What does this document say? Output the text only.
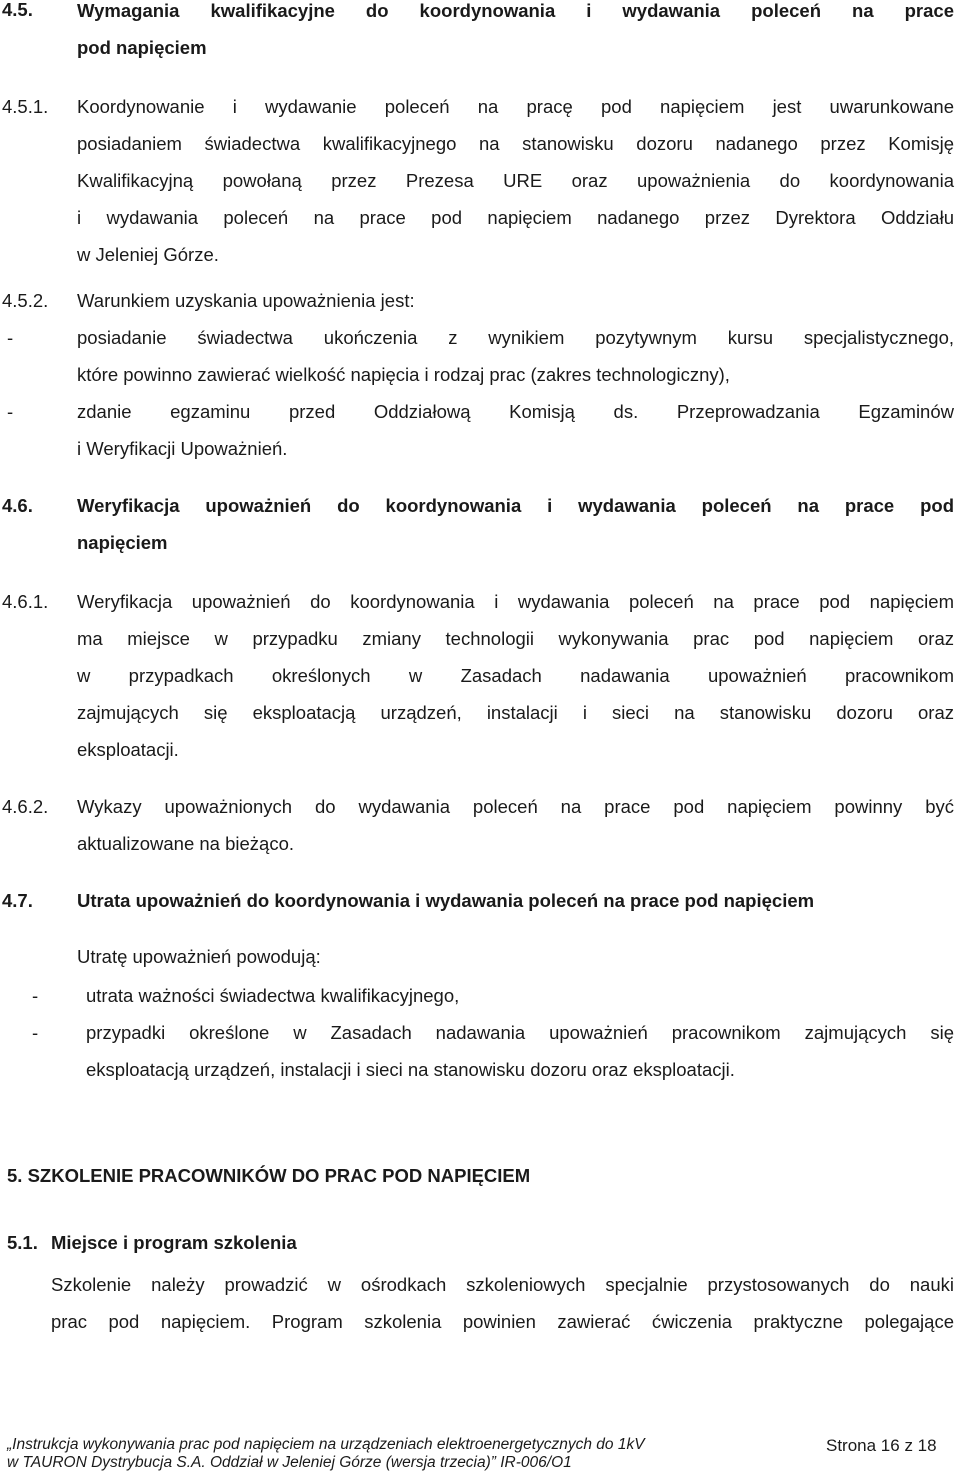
4.5. Wymagania kwalifikacyjne do koordynowania i wydawania poleceń na prace
pod napięciem
4.5.1. Koordynowanie i wydawanie poleceń na pracę pod napięciem jest uwarunkowane
posiadaniem świadectwa kwalifikacyjnego na stanowisku dozoru nadanego przez Komisję
Kwalifikacyjną powołaną przez Prezesa URE oraz upoważnienia do koordynowania
i wydawania poleceń na prace pod napięciem nadanego przez Dyrektora Oddziału
w Jeleniej Górze.
4.5.2. Warunkiem uzyskania upoważnienia jest:
-	posiadanie świadectwa ukończenia z wynikiem pozytywnym kursu specjalistycznego,
które powinno zawierać wielkość napięcia i rodzaj prac (zakres technologiczny),
-	zdanie egzaminu przed Oddziałową Komisją ds. Przeprowadzania Egzaminów
i Weryfikacji Upoważnień.
4.6. Weryfikacja upoważnień do koordynowania i wydawania poleceń na prace pod
napięciem
4.6.1. Weryfikacja upoważnień do koordynowania i wydawania poleceń na prace pod napięciem
ma miejsce w przypadku zmiany technologii wykonywania prac pod napięciem oraz
w przypadkach określonych w Zasadach nadawania upoważnień pracownikom
zajmujących się eksploatacją urządzeń, instalacji i sieci na stanowisku dozoru oraz
eksploatacji.
4.6.2. Wykazy upoważnionych do wydawania poleceń na prace pod napięciem powinny być
aktualizowane na bieżąco.
4.7. Utrata upoważnień do koordynowania i wydawania poleceń na prace pod napięciem
Utratę upoważnień powodują:
-	utrata ważności świadectwa kwalifikacyjnego,
-	przypadki określone w Zasadach nadawania upoważnień pracownikom zajmujących się
eksploatacją urządzeń, instalacji i sieci na stanowisku dozoru oraz eksploatacji.
5. SZKOLENIE PRACOWNIKÓW DO PRAC POD NAPIĘCIEM
5.1. Miejsce i program szkolenia
Szkolenie należy prowadzić w ośrodkach szkoleniowych specjalnie przystosowanych do nauki
prac pod napięciem. Program szkolenia powinien zawierać ćwiczenia praktyczne polegające
„Instrukcja wykonywania prac pod napięciem na urządzeniach elektroenergetycznych do 1kV
w TAURON Dystrybucja S.A. Oddział w Jeleniej Górze (wersja trzecia)” IR-006/O1
Strona 16 z 18
